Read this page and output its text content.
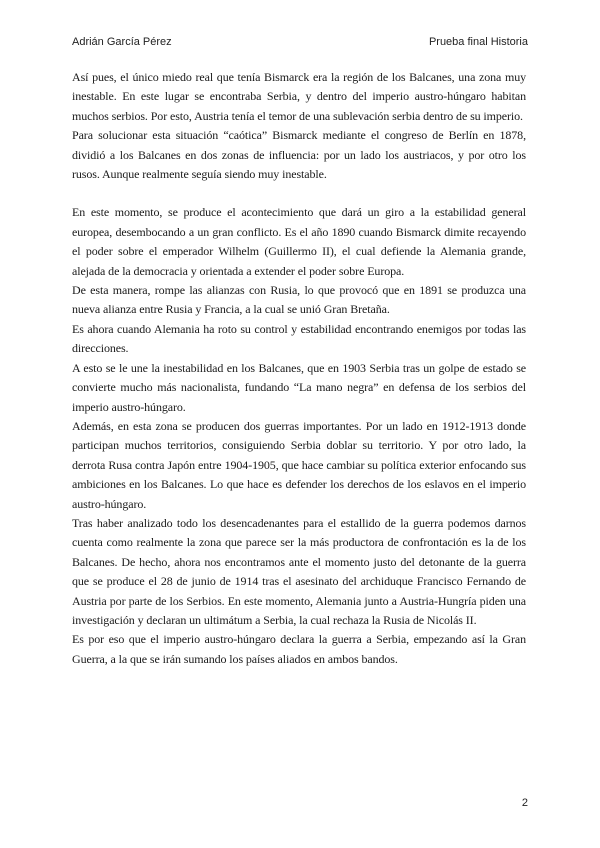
Adrián García Pérez	Prueba final Historia

Así pues, el único miedo real que tenía Bismarck era la región de los Balcanes, una zona muy inestable. En este lugar se encontraba Serbia, y dentro del imperio austro-húngaro habitan muchos serbios. Por esto, Austria tenía el temor de una sublevación serbia dentro de su imperio.

Para solucionar esta situación “caótica” Bismarck mediante el congreso de Berlín en 1878, dividió a los Balcanes en dos zonas de influencia: por un lado los austriacos, y por otro los rusos. Aunque realmente seguía siendo muy inestable.

En este momento, se produce el acontecimiento que dará un giro a la estabilidad general europea, desembocando a un gran conflicto. Es el año 1890 cuando Bismarck dimite recayendo el poder sobre el emperador Wilhelm (Guillermo II), el cual defiende la Alemania grande, alejada de la democracia y orientada a extender el poder sobre Europa.

De esta manera, rompe las alianzas con Rusia, lo que provocó que en 1891 se produzca una nueva alianza entre Rusia y Francia, a la cual se unió Gran Bretaña.

Es ahora cuando Alemania ha roto su control y estabilidad encontrando enemigos por todas las direcciones.

A esto se le une la inestabilidad en los Balcanes, que en 1903 Serbia tras un golpe de estado se convierte mucho más nacionalista, fundando “La mano negra” en defensa de los serbios del imperio austro-húngaro.

Además, en esta zona se producen dos guerras importantes. Por un lado en 1912-1913 donde participan muchos territorios, consiguiendo Serbia doblar su territorio. Y por otro lado, la derrota Rusa contra Japón entre 1904-1905, que hace cambiar su política exterior enfocando sus ambiciones en los Balcanes. Lo que hace es defender los derechos de los eslavos en el imperio austro-húngaro.

Tras haber analizado todo los desencadenantes para el estallido de la guerra podemos darnos cuenta como realmente la zona que parece ser la más productora de confrontación es la de los Balcanes. De hecho, ahora nos encontramos ante el momento justo del detonante de la guerra que se produce el 28 de junio de 1914 tras el asesinato del archiduque Francisco Fernando de Austria por parte de los Serbios. En este momento, Alemania junto a Austria-Hungría piden una investigación y declaran un ultimátum a Serbia, la cual rechaza la Rusia de Nicolás II.

Es por eso que el imperio austro-húngaro declara la guerra a Serbia, empezando así la Gran Guerra, a la que se irán sumando los países aliados en ambos bandos.

2
